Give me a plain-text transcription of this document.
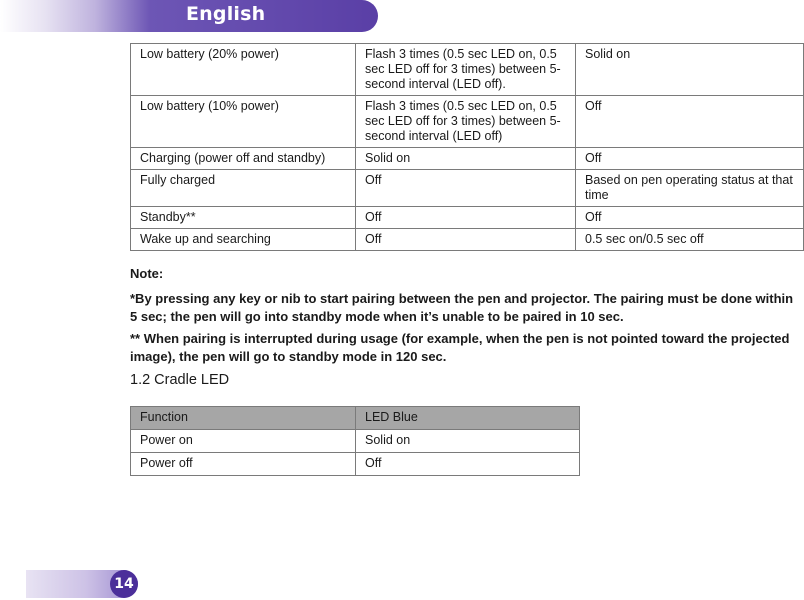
English
Low battery (20% power)	Flash 3 times (0.5 sec LED on, 0.5 sec LED off for 3 times) between 5-second interval (LED off).	Solid on
Low battery (10% power)	Flash 3 times (0.5 sec LED on, 0.5 sec LED off for 3 times) between 5-second interval (LED off)	Off
Charging (power off and standby)	Solid on	Off
Fully charged	Off	Based on pen operating status at that time
Standby**	Off	Off
Wake up and searching	Off	0.5 sec on/0.5 sec off

Note:

*By pressing any key or nib to start pairing between the pen and projector. The pairing must be done within 5 sec; the pen will go into standby mode when it’s unable to be paired in 10 sec.

** When pairing is interrupted during usage (for example, when the pen is not pointed toward the projected image), the pen will go to standby mode in 120 sec.

1.2 Cradle LED
Function	LED Blue
Power on	Solid on
Power off	Off
14
